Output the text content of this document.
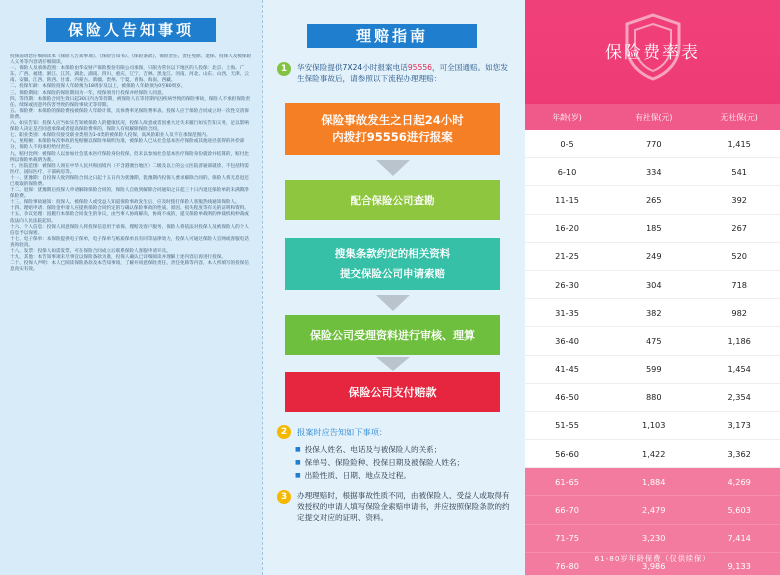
保险人告知事项

投保前请您仔细阅读本《保险人告知事项》、《保险告知书》、《保险条款》，保险责任、责任免除、退保、投保人及被保险人义务等内容请仔细阅读。

一、保险人及承保范围：本保险由华安财产保险股份有限公司承保，只限为常住以下地区的人投保：北京、上海、广东、广西、福建、浙江、江苏、湖北、湖南、四川、重庆、辽宁、吉林、黑龙江、河南、河北、山东、山西、天津、云南、安徽、江西、陕西、甘肃、内蒙古、新疆、贵州、宁夏、青海、海南、西藏。

二、投保年龄：本保险投保人年龄须为18周岁及以上，被保险人年龄须为0至80周岁。

三、保险期间：本保险的保险期间为一年，续保须另行投保并经保险人同意。

四、等待期：本保险合同生效日起30日内为等待期，被保险人在等待期内因疾病导致的保险事故，保险人不承担保险责任。续保或因意外伤害导致的保险事故无等待期。

五、保险费：本保险的保险费按被保险人年龄计算，具体费率见保险费率表。投保人应于保险合同成立时一次性交清保险费。

六、如实告知：投保人应当如实告知被保险人的健康状况，投保人故意或者因重大过失未履行如实告知义务，足以影响保险人决定是否同意承保或者提高保险费率的，保险人有权解除保险合同。

七、职业类别：本保险仅接受职业类别为1-4类的被保险人投保，高风险职业人员不在承保范围内。

八、免赔额：本保险每次事故的免赔额以保险单载明为准，被保险人已从社会基本医疗保险或其他途径获得的补偿部分，保险人不再承担给付责任。

九、赔付比例：被保险人以参加社会基本医疗保险身份投保，但未以参加社会基本医疗保险身份就诊并结算的，赔付比例以保险单载明为准。

十、医院范围：被保险人须在中华人民共和国境内（不含港澳台地区）二级及以上的公立医院普通部就诊，不包括特需医疗、国际医疗、干部病房等。

十一、犹豫期：自投保人收到保险合同之日起十五日内为犹豫期，犹豫期内投保人要求解除合同的，保险人将无息退还已收取的保险费。

十二、退保：犹豫期后投保人申请解除保险合同的，保险人自收到解除合同通知之日起三十日内退还保险单的未满期净保险费。

十三、保险事故通知：投保人、被保险人或受益人知道保险事故发生后，应及时拨打保险人客服热线通知保险人。

十四、理赔申请：保险金申请人应提供保险合同约定的与确认保险事故的性质、原因、损失程度等有关的证明和资料。

十五、争议处理：因履行本保险合同发生的争议，由当事人协商解决，协商不成的，提交保险单载明的仲裁机构仲裁或依法向人民法院起诉。

十六、个人信息：投保人同意保险人将投保信息用于承保、理赔及客户服务，保险人将依法对投保人及被保险人的个人信息予以保密。

十七、电子保单：本保险提供电子保单，电子保单与纸质保单具有同等法律效力，投保人可通过保险人官网或客服电话查询验真。

十八、发票：投保人如需发票，可在保险合同成立后联系保险人客服申请开具。

十九、其他：本告知事项未尽事宜以保险条款为准，投保人确认已详细阅读并理解上述内容后再进行投保。

二十、投保人声明：本人已阅读保险条款及本告知事项，了解并同意保险责任、责任免除等内容，本人所填写的投保信息真实有效。

理赔指南
1	华安保险提供7X24小时报案电话95556，可全国通赔。如您发生保险事故后，请参照以下流程办理理赔：
保险事故发生之日起24小时
内拨打95556进行报案
配合保险公司查勘
搜集条款约定的相关资料
提交保险公司申请索赔
保险公司受理资料进行审核、理算
保险公司支付赔款
2	报案时应告知如下事项：
■ 投保人姓名、电话及与被保险人的关系；
■ 保单号、保险险种、投保日期及被保险人姓名；
■ 出险性质、日期、地点及过程。
3	办理理赔时，根据事故性质不同，由被保险人、受益人或取得有效授权的申请人填写保险金索赔申请书，并应按照保险条款的约定提交对应的证明、资料。
保险费率表
年龄(岁)	有社保(元)	无社保(元)
0-5	770	1,415
6-10	334	541
11-15	265	392
16-20	185	267
21-25	249	520
26-30	304	718
31-35	382	982
36-40	475	1,186
41-45	599	1,454
46-50	880	2,354
51-55	1,103	3,173
56-60	1,422	3,362
61-65	1,884	4,269
66-70	2,479	5,603
71-75	3,230	7,414
76-80	3,986	9,133
61-80岁年龄保费（仅供续保）
